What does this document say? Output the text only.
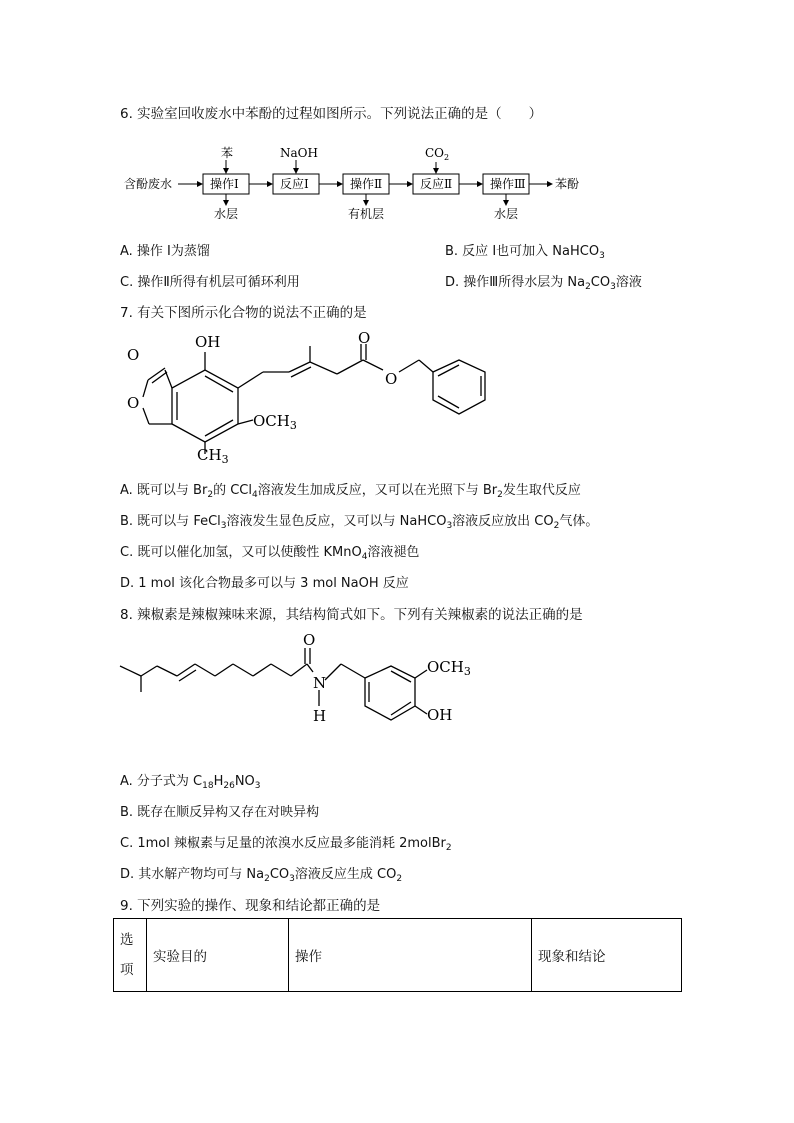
6. 实验室回收废水中苯酚的过程如图所示。下列说法正确的是（　　）
含酚废水	操作Ⅰ
苯
水层
反应Ⅰ
NaOH
操作Ⅱ
有机层
反应Ⅱ
$CO_2$
操作Ⅲ
水层
苯酚
A. 操作 Ⅰ为蒸馏	B. 反应 Ⅰ也可加入 NaHCO$_3$
C. 操作Ⅱ所得有机层可循环利用	D. 操作Ⅲ所得水层为 $Na_2CO_3$溶液
7. 有关下图所示化合物的说法不正确的是
OH
O
O
O
O
$OCH_3$
$CH_3$
A. 既可以与 $Br_2$的 CCl$_4$溶液发生加成反应，又可以在光照下与 $Br_2$发生取代反应
B. 既可以与 FeCl$_3$溶液发生显色反应，又可以与 NaHCO$_3$溶液反应放出 $CO_2$气体。
C. 既可以催化加氢，又可以使酸性 KMnO$_4$溶液褪色
D. 1 mol 该化合物最多可以与 3 mol NaOH 反应
8. 辣椒素是辣椒辣味来源，其结构简式如下。下列有关辣椒素的说法正确的是
O
N
H
$OCH_3$
OH
A. 分子式为 $C_{18}H_{26}NO_3$
B. 既存在顺反异构又存在对映异构
C. 1mol 辣椒素与足量的浓溴水反应最多能消耗 2molBr$_2$
D. 其水解产物均可与 $Na_2CO_3$溶液反应生成 $CO_2$
9. 下列实验的操作、现象和结论都正确的是
选
项	实验目的	操作	现象和结论
